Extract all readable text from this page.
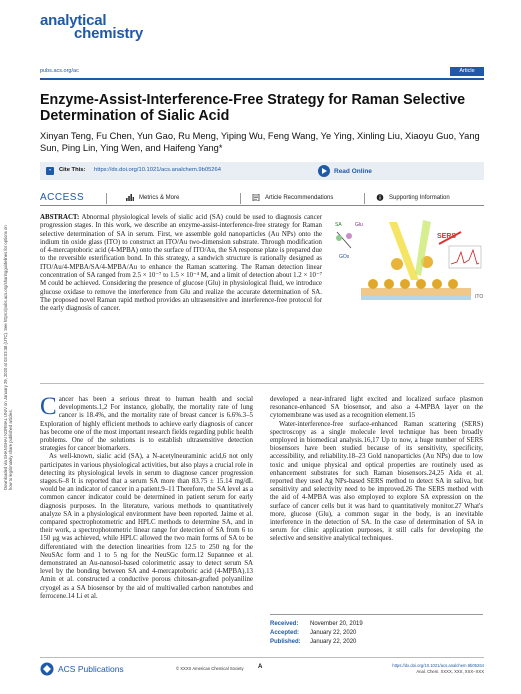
Downloaded via SHANGHAI NORMAL UNIV on January 29, 2020 at 03:03:38 (UTC). See https://pubs.acs.org/sharingguidelines for options on how to legitimately share published articles.
analytical
chemistry
pubs.acs.org/ac	Article
Enzyme-Assist-Interference-Free Strategy for Raman Selective Determination of Sialic Acid
Xinyan Teng, Fu Chen, Yun Gao, Ru Meng, Yiping Wu, Feng Wang, Ye Ying, Xinling Liu, Xiaoyu Guo, Yang Sun, Ping Lin, Ying Wen, and Haifeng Yang*
" Cite This: https://dx.doi.org/10.1021/acs.analchem.9b05264	Read Online
ACCESS	Metrics & More	Article Recommendations	Supporting Information
ITO
SERS
SA	Glu
GOx
ABSTRACT: Abnormal physiological levels of sialic acid (SA) could be used to diagnosis cancer progression stages. In this work, we describe an enzyme-assist-interference-free strategy for Raman selective determination of SA in serum. First, we assemble gold nanoparticles (Au NPs) onto the indium tin oxide glass (ITO) to construct an ITO/Au two-dimension substrate. Through modification of 4-mercaptoboric acid (4-MPBA) onto the surface of ITO/Au, the SA response plate is prepared due to the reversible esterification bond. In this strategy, a sandwich structure is rationally designed as ITO/Au/4-MPBA/SA/4-MPBA/Au to enhance the Raman scattering. The Raman detection linear concentration of SA ranged from 2.5 × 10⁻⁷ to 1.5 × 10⁻⁴ M, and a limit of detection about 1.2 × 10⁻⁷ M could be achieved. Considering the presence of glucose (Glu) in physiological fluid, we introduce glucose oxidase to remove the interference from Glu and realize the accurate determination of SA. The proposed novel Raman rapid method provides an ultrasensitive and interference-free protocol for the early diagnosis of cancer.

Cancer has been a serious threat to human health and social developments.1,2 For instance, globally, the mortality rate of lung cancer is 18.4%, and the mortality rate of breast cancer is 6.6%.3–5 Exploration of highly efficient methods to achieve early diagnosis of cancer has become one of the most important research fields regarding public health problems. One of the solutions is to establish ultrasensitive detection strategies for cancer biomarkers.

As well-known, sialic acid (SA), a N-acetylneuraminic acid,6 not only participates in various physiological activities, but also plays a crucial role in detecting its physiological levels in serum to diagnose cancer progression stages.6–8 It is reported that a serum SA more than 83.75 ± 15.14 mg/dL would be an indicator of cancer in a patient.9–11 Therefore, the SA level as a common cancer indicator could be determined in patient serum for early diagnosis purposes. In the literature, various methods to quantitatively analyze SA in a physiological environment have been reported. Jaime et al. compared spectrophotometric and HPLC methods to determine SA, and in their work, a spectrophotometric linear range for detection of SA from 6 to 150 μg was achieved, while HPLC allowed the two main forms of SA to be differentiated with the detection linearities from 12.5 to 250 ng for the NeuSAc form and 1 to 5 ng for the NeuSGc form.12 Supannee et al. demonstrated an Au-nanosol-based colorimetric assay to detect serum SA level by the bonding between SA and 4-mercaptoboric acid (4-MPBA).13 Amin et al. constructed a conductive porous chitosan-grafted polyaniline cryogel as a SA biosensor by the aid of multiwalled carbon nanotubes and ferrocene.14 Li et al.

developed a near-infrared light excited and localized surface plasmon resonance-enhanced SA biosensor, and also a 4-MPBA layer on the cytomembrane was used as a recognition element.15

Water-interference-free surface-enhanced Raman scattering (SERS) spectroscopy as a single molecule level technique has been broadly employed in biomedical analysis.16,17 Up to now, a huge number of SERS biosensors have been studied because of its sensitivity, specificity, accessibility, and reliability.18–23 Gold nanoparticles (Au NPs) due to low toxic and unique physical and optical properties are routinely used as enhancement substrates for such Raman biosensors.24,25 Aida et al. reported they used Ag NPs-based SERS method to detect SA in saliva, but sensitivity and selectivity need to be improved.26 The SERS method with the aid of 4-MPBA was also employed to explore SA expression on the surface of cancer cells but it was hard to quantitatively monitor.27 What's more, glucose (Glu), a common sugar in the body, is an inevitable interference in the detection of SA. In the case of determination of SA in serum for clinic application purposes, it still calls for developing the selective and sensitive analytical techniques.

Received: November 20, 2019
Accepted: January 22, 2020
Published: January 22, 2020
ACS Publications	© XXXX American Chemical Society A	https://dx.doi.org/10.1021/acs.analchem.9b05264
Anal. Chem. XXXX, XXX, XXX−XXX
